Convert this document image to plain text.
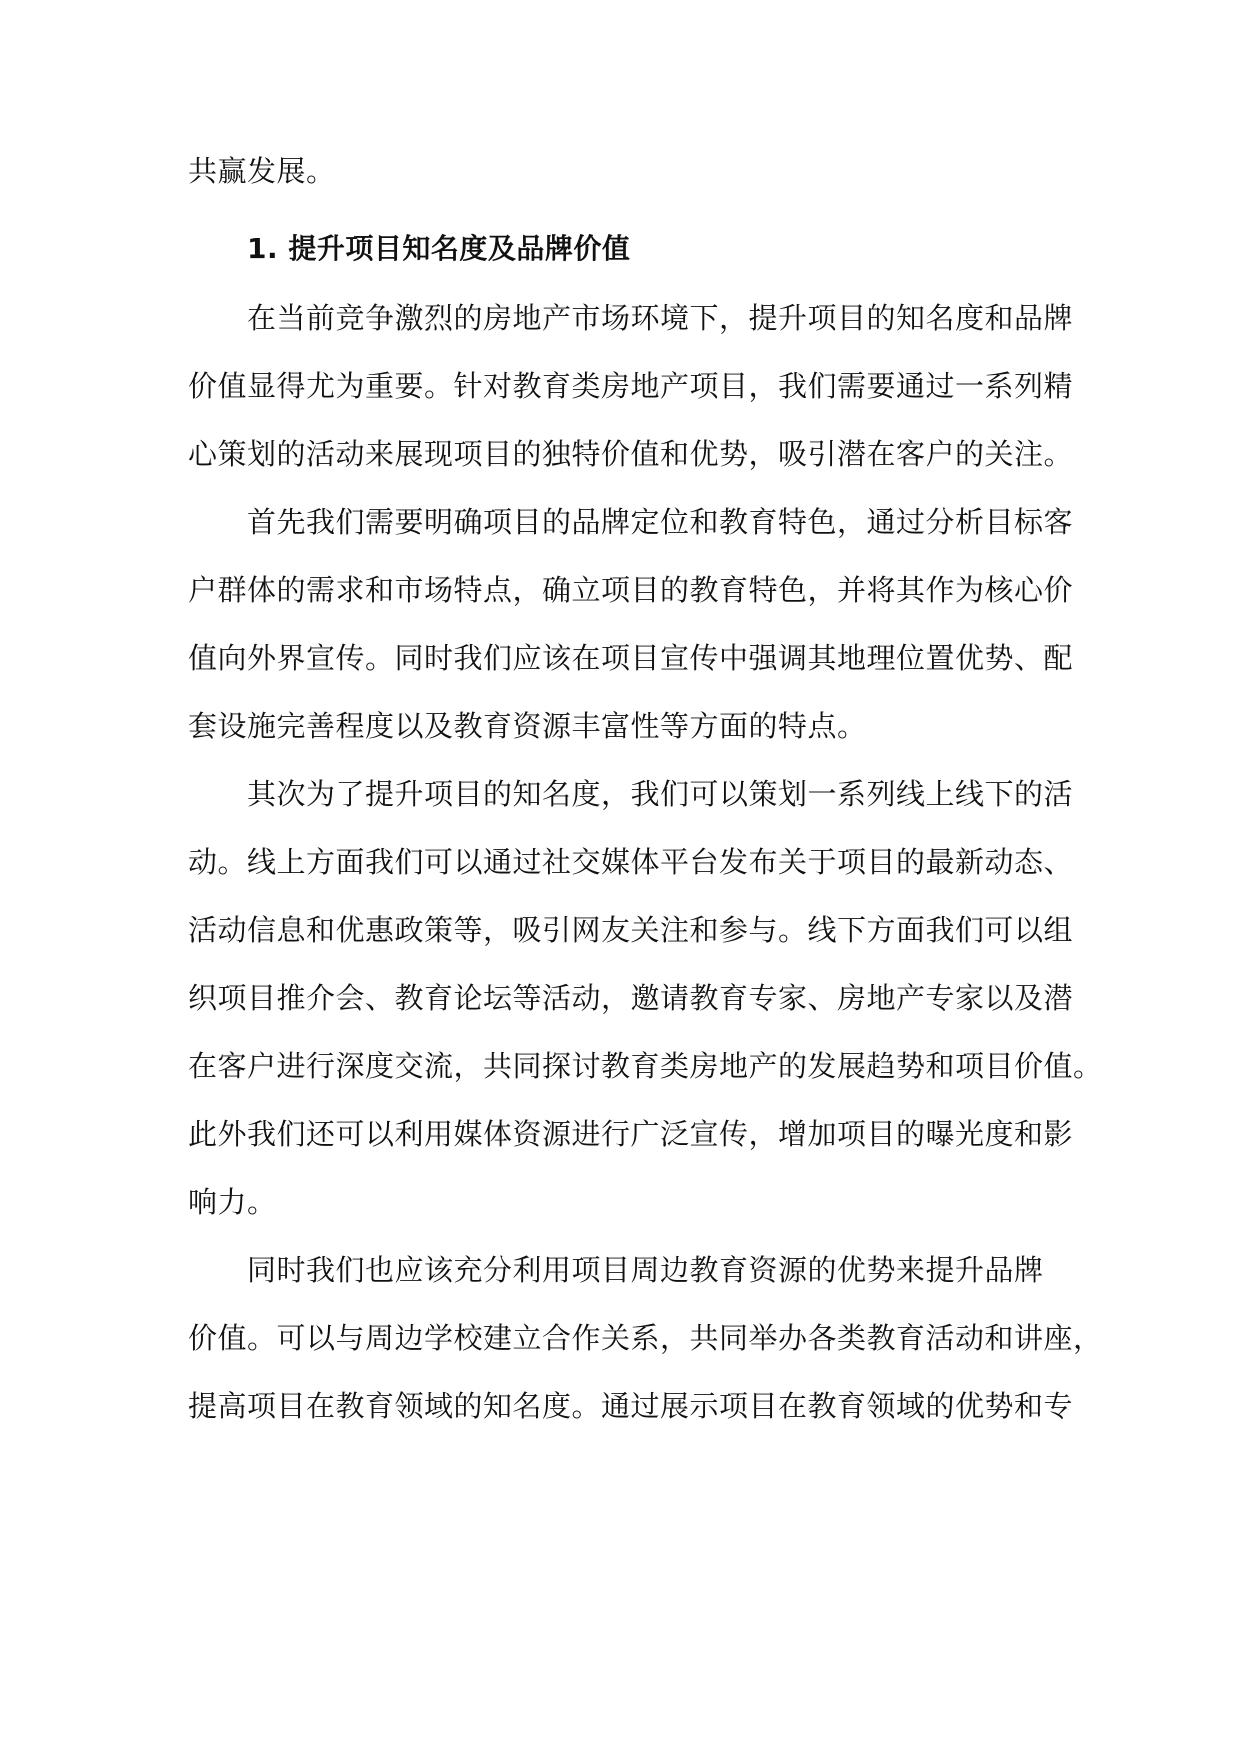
共赢发展。
1. 提升项目知名度及品牌价值
在当前竞争激烈的房地产市场环境下，提升项目的知名度和品牌
价值显得尤为重要。针对教育类房地产项目，我们需要通过一系列精
心策划的活动来展现项目的独特价值和优势，吸引潜在客户的关注。
首先我们需要明确项目的品牌定位和教育特色，通过分析目标客
户群体的需求和市场特点，确立项目的教育特色，并将其作为核心价
值向外界宣传。同时我们应该在项目宣传中强调其地理位置优势、配
套设施完善程度以及教育资源丰富性等方面的特点。
其次为了提升项目的知名度，我们可以策划一系列线上线下的活
动。线上方面我们可以通过社交媒体平台发布关于项目的最新动态、
活动信息和优惠政策等，吸引网友关注和参与。线下方面我们可以组
织项目推介会、教育论坛等活动，邀请教育专家、房地产专家以及潜
在客户进行深度交流，共同探讨教育类房地产的发展趋势和项目价值。
此外我们还可以利用媒体资源进行广泛宣传，增加项目的曝光度和影
响力。
同时我们也应该充分利用项目周边教育资源的优势来提升品牌
价值。可以与周边学校建立合作关系，共同举办各类教育活动和讲座，
提高项目在教育领域的知名度。通过展示项目在教育领域的优势和专
